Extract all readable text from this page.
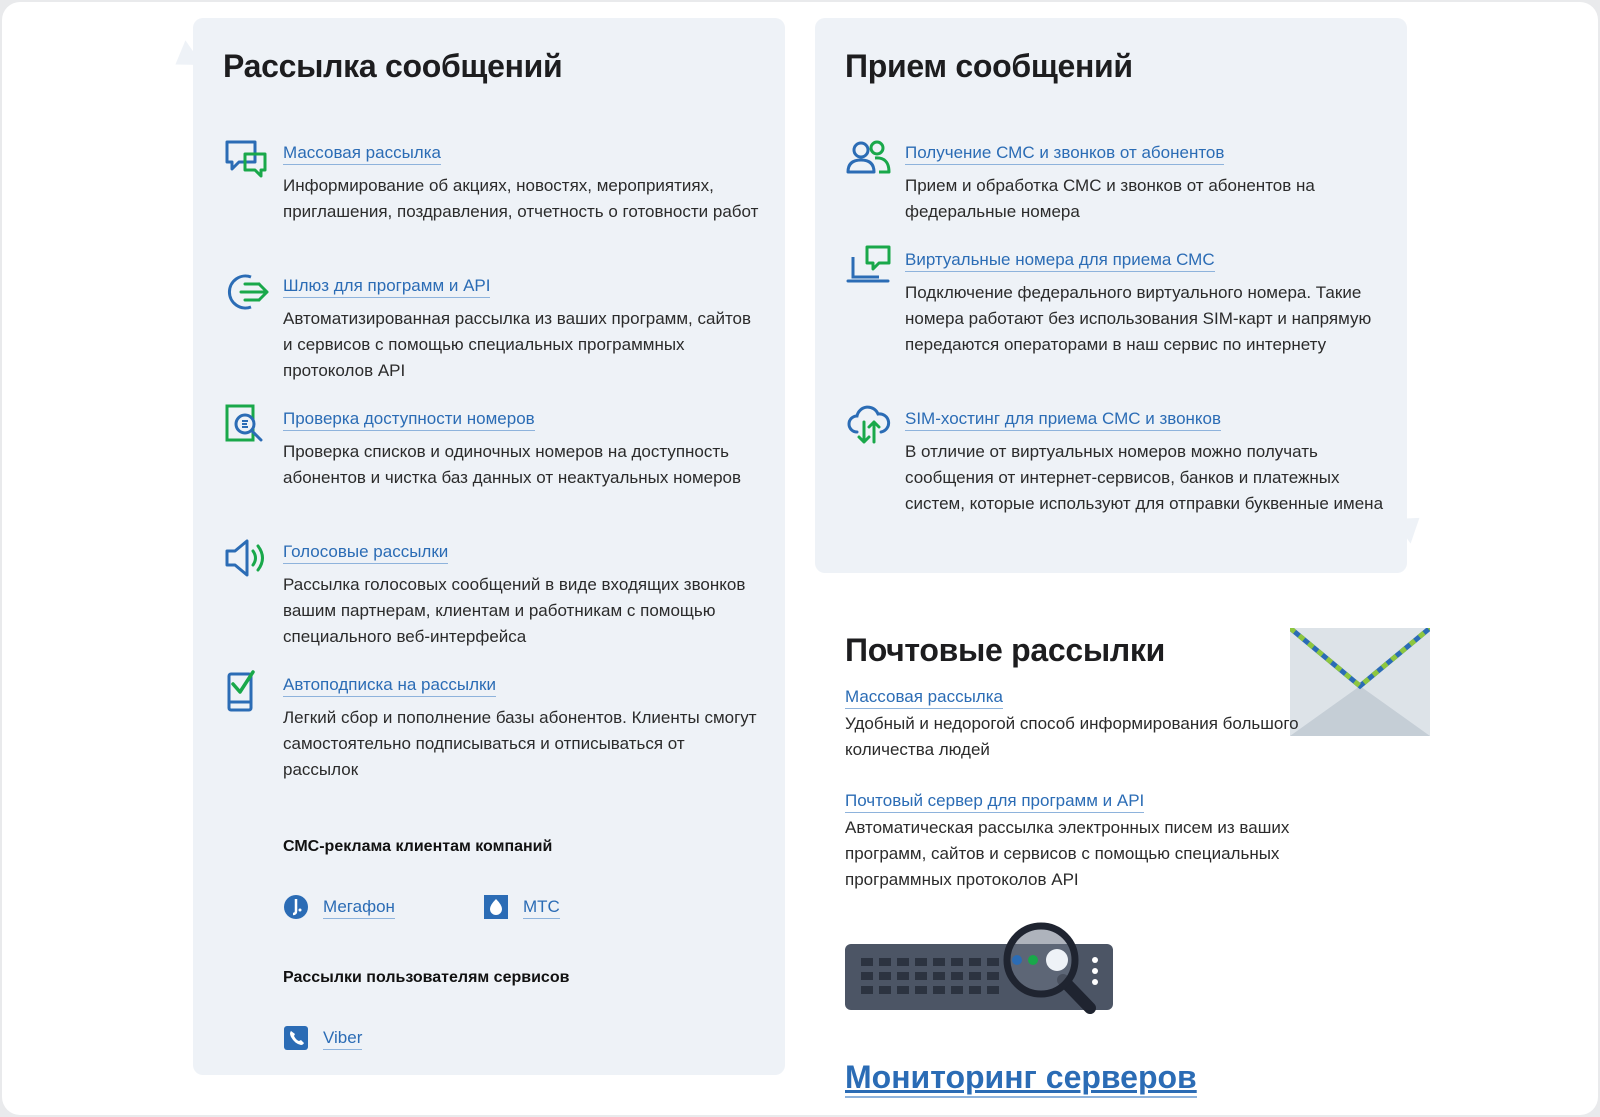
Рассылка сообщений
Массовая рассылка
Информирование об акциях, новостях, мероприятиях, приглашения, поздравления, отчетность о готовности работ
Шлюз для программ и API
Автоматизированная рассылка из ваших программ, сайтов и сервисов с помощью специальных программных протоколов API
Проверка доступности номеров
Проверка списков и одиночных номеров на доступность абонентов и чистка баз данных от неактуальных номеров
Голосовые рассылки
Рассылка голосовых сообщений в виде входящих звонков вашим партнерам, клиентам и работникам с помощью специального веб-интерфейса
Автоподписка на рассылки
Легкий сбор и пополнение базы абонентов. Клиенты смогут самостоятельно подписываться и отписываться от рассылок
СМС-реклама клиентам компаний
Мегафон	МТС
Рассылки пользователям сервисов
Viber
Прием сообщений
Получение СМС и звонков от абонентов
Прием и обработка СМС и звонков от абонентов на федеральные номера
Виртуальные номера для приема СМС
Подключение федерального виртуального номера. Такие номера работают без использования SIM-карт и напрямую передаются операторами в наш сервис по интернету
SIM-хостинг для приема СМС и звонков
В отличие от виртуальных номеров можно получать сообщения от интернет-сервисов, банков и платежных систем, которые используют для отправки буквенные имена
Почтовые рассылки
Массовая рассылка
Удобный и недорогой способ информирования большого количества людей
Почтовый сервер для программ и API
Автоматическая рассылка электронных писем из ваших программ, сайтов и сервисов с помощью специальных программных протоколов API
Мониторинг серверов
